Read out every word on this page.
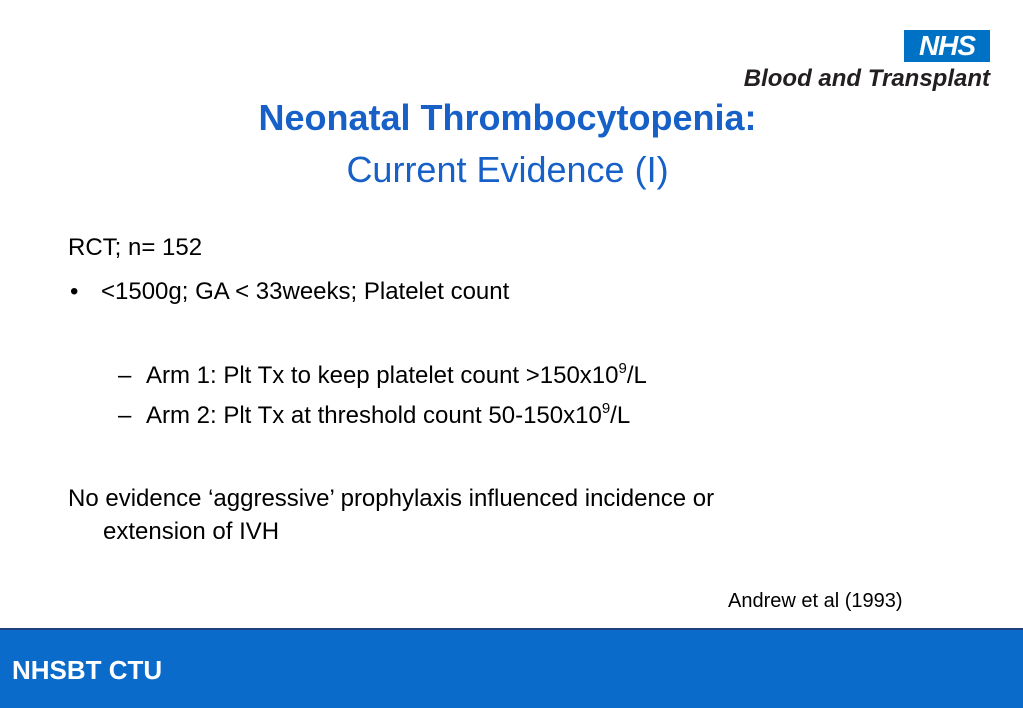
NHS
Blood and Transplant
Neonatal Thrombocytopenia:
Current Evidence (I)
RCT; n= 152
• <1500g; GA < 33weeks; Platelet count
– Arm 1: Plt Tx to keep platelet count $>150x10^9/L$
– Arm 2: Plt Tx at threshold count $50-150x10^9/L$
No evidence ‘aggressive’ prophylaxis influenced incidence or
extension of IVH
Andrew et al (1993)
NHSBT CTU
